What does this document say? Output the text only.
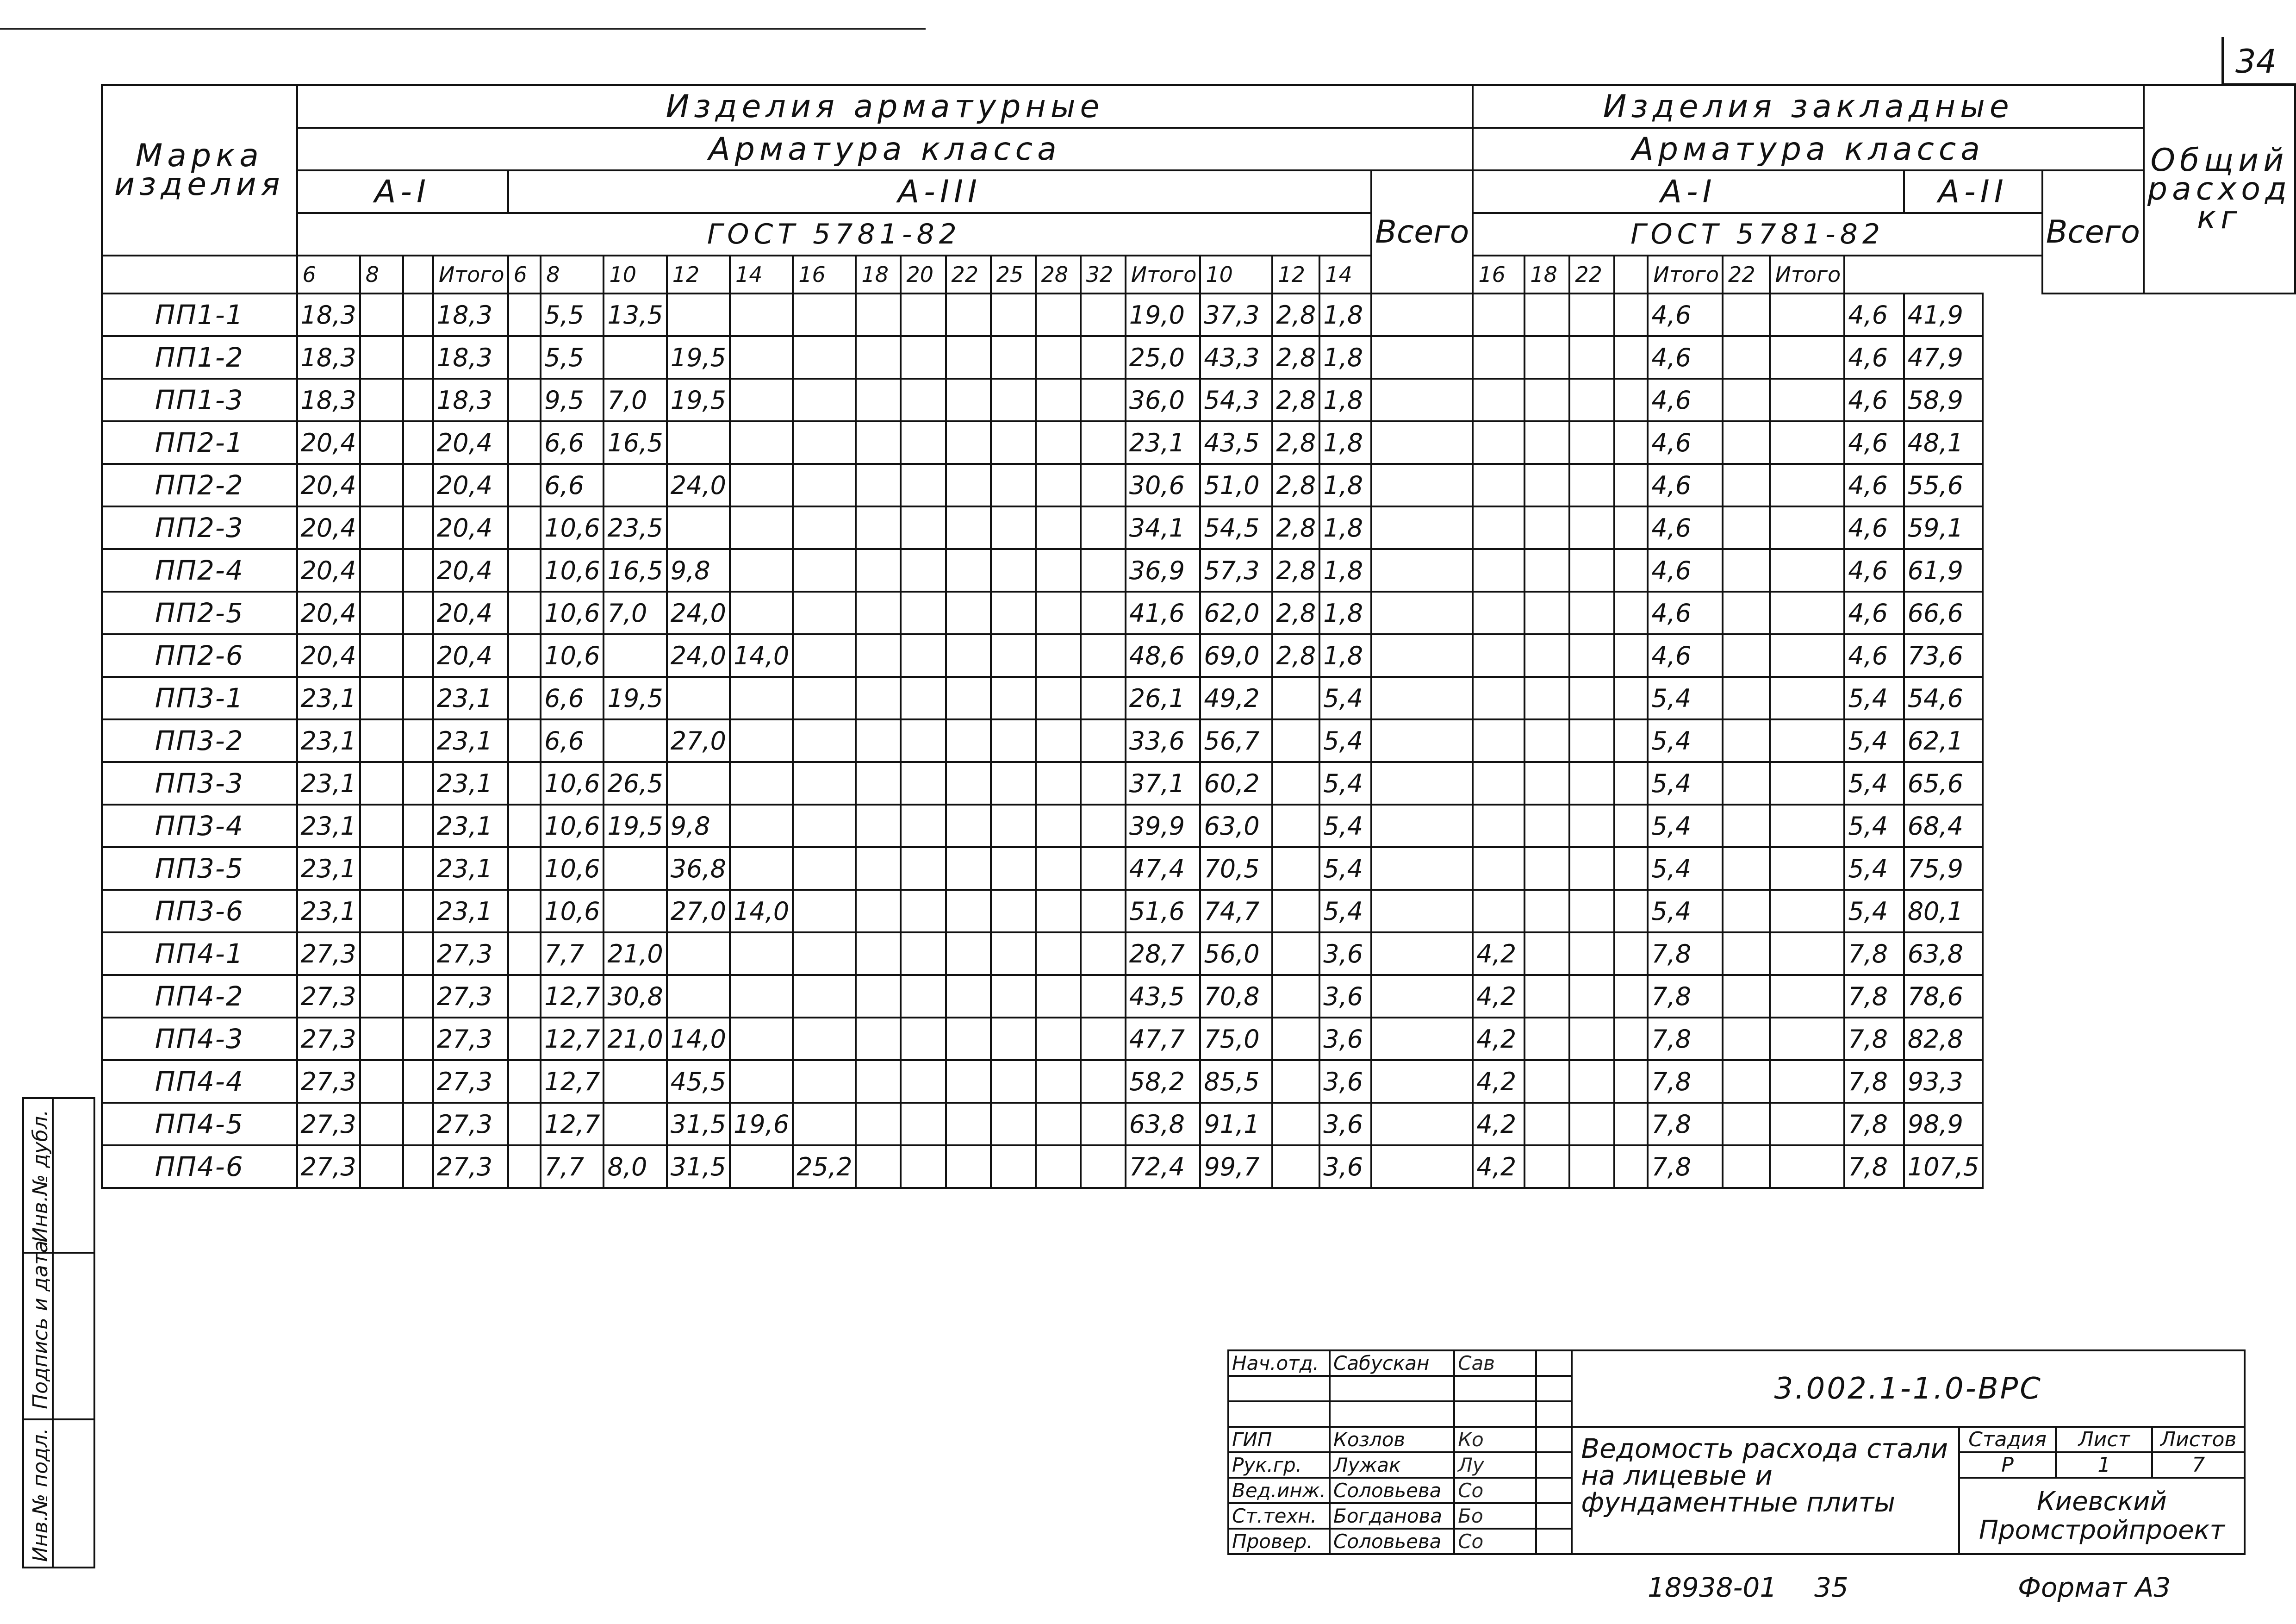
34
Марка изделия	Изделия арматурные																					Изделия закладные										Общий расход кг
	Арматура класса																					Арматура класса										
	A-I				A-III																Всего	A-I								A-II	Всего	
	ГОСТ 5781-82																					ГОСТ 5781-82										
	6	8		Итого	6	8	10	12	14	16	18	20	22	25	28	32	Итого	10	12	14		16	18	22		Итого	22	Итого				
ПП1-1	18,3			18,3		5,5	13,5										19,0	37,3	2,8	1,8						4,6			4,6	41,9		
ПП1-2	18,3			18,3		5,5		19,5									25,0	43,3	2,8	1,8						4,6			4,6	47,9		
ПП1-3	18,3			18,3		9,5	7,0	19,5									36,0	54,3	2,8	1,8						4,6			4,6	58,9		
ПП2-1	20,4			20,4		6,6	16,5										23,1	43,5	2,8	1,8						4,6			4,6	48,1		
ПП2-2	20,4			20,4		6,6		24,0									30,6	51,0	2,8	1,8						4,6			4,6	55,6		
ПП2-3	20,4			20,4		10,6	23,5										34,1	54,5	2,8	1,8						4,6			4,6	59,1		
ПП2-4	20,4			20,4		10,6	16,5	9,8									36,9	57,3	2,8	1,8						4,6			4,6	61,9		
ПП2-5	20,4			20,4		10,6	7,0	24,0									41,6	62,0	2,8	1,8						4,6			4,6	66,6		
ПП2-6	20,4			20,4		10,6		24,0	14,0								48,6	69,0	2,8	1,8						4,6			4,6	73,6		
ПП3-1	23,1			23,1		6,6	19,5										26,1	49,2		5,4						5,4			5,4	54,6		
ПП3-2	23,1			23,1		6,6		27,0									33,6	56,7		5,4						5,4			5,4	62,1		
ПП3-3	23,1			23,1		10,6	26,5										37,1	60,2		5,4						5,4			5,4	65,6		
ПП3-4	23,1			23,1		10,6	19,5	9,8									39,9	63,0		5,4						5,4			5,4	68,4		
ПП3-5	23,1			23,1		10,6		36,8									47,4	70,5		5,4						5,4			5,4	75,9		
ПП3-6	23,1			23,1		10,6		27,0	14,0								51,6	74,7		5,4						5,4			5,4	80,1		
ПП4-1	27,3			27,3		7,7	21,0										28,7	56,0		3,6		4,2				7,8			7,8	63,8		
ПП4-2	27,3			27,3		12,7	30,8										43,5	70,8		3,6		4,2				7,8			7,8	78,6		
ПП4-3	27,3			27,3		12,7	21,0	14,0									47,7	75,0		3,6		4,2				7,8			7,8	82,8		
ПП4-4	27,3			27,3		12,7		45,5									58,2	85,5		3,6		4,2				7,8			7,8	93,3		
ПП4-5	27,3			27,3		12,7		31,5	19,6								63,8	91,1		3,6		4,2				7,8			7,8	98,9		
ПП4-6	27,3			27,3		7,7	8,0	31,5		25,2							72,4	99,7		3,6		4,2				7,8			7,8	107,5		
Инв.№ дубл.
Подпись и дата
Инв.№ подл.
Нач.отд.	Сабускан	Сав		3.002.1-1.0-ВРС			

ГИП	Козлов	Ко		Ведомость расхода стали на лицевые и фундаментные плиты	Стадия	Лист	Листов
Рук.гр.	Лужак	Лу			Р	1	7
Вед.инж.	Соловьева	Со			Киевский Промстройпроект		
Ст.техн.	Богданова	Бо					
Провер.	Соловьева	Со					
18938-01 35	Формат А3
